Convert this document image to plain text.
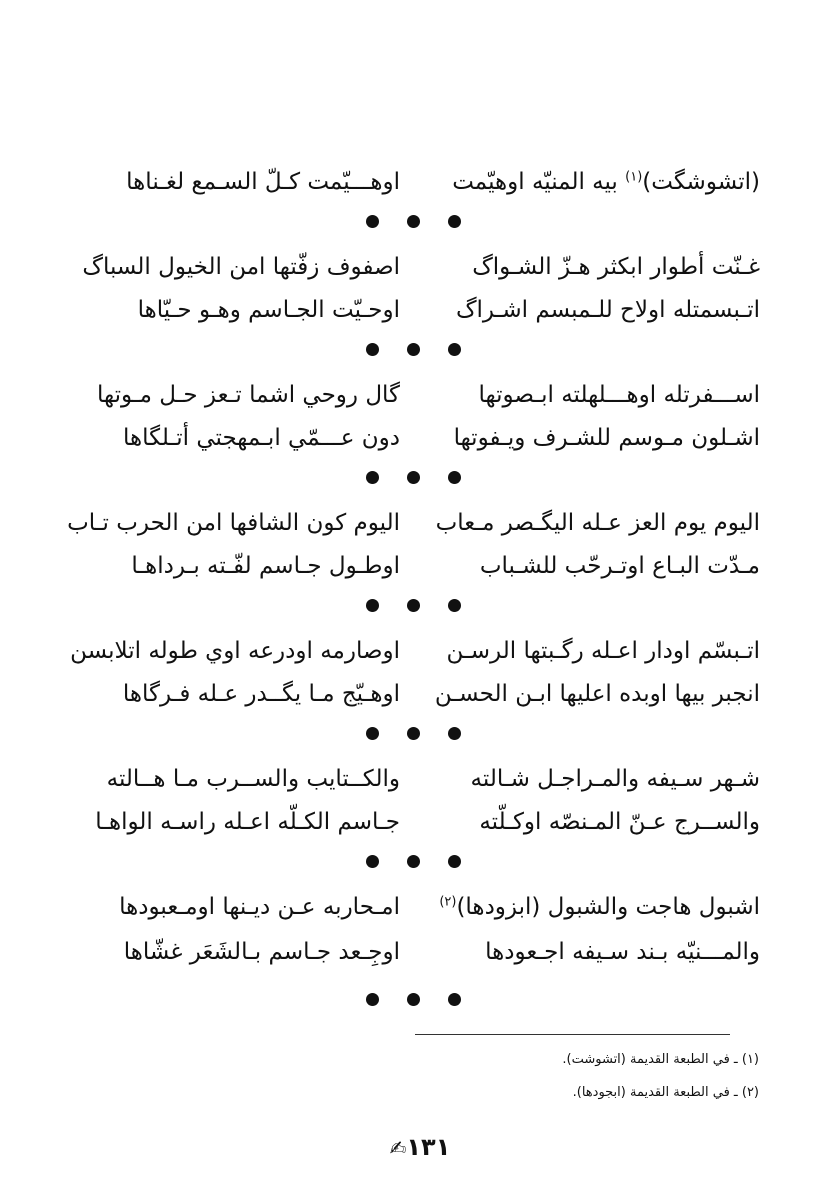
(اتشوشگت)$^{(١)}$ بيه المنيّه اوهيّمت
اوهـــيّمت كـلّ السـمع لغـناها
غـنّت أطوار ابكثر هـزّ الشـواگ
اصفوف زفّتها امن الخيول السباگ
اتـبسمتله اولاح للـمبسم اشـراگ
اوحـيّت الجـاسم وهـو حـيّاها
اســـفرتله اوهـــلهلته ابـصوتها
گال روحي اشما تـعز حـل مـوتها
اشـلون مـوسم للشـرف ويـفوتها
دون عـــمّي ابـمهجتي أتـلگاها
اليوم يوم العز عـله اليگـصر مـعاب
اليوم كون الشافها امن الحرب تـاب
مـدّت البـاع اوتـرحّب للشـباب
اوطـول جـاسم لفّـته بـرداهـا
اتـبسّم اودار اعـله رگـبتها الرسـن
اوصارمه اودرعه اوي طوله اتلابسن
انجبر بيها اوبده اعليها ابـن الحسـن
اوهـيّج مـا يگــدر عـله فـرگاها
شـهر سـيفه والمـراجـل شـالته
والكــتايب والســرب مـا هــالته
والســرج عـنّ المـنصّه اوكـلّته
جـاسم الكـلّه اعـله راسـه الواهـا
اشبول هاجت والشبول (ابزودها)$^{(٢)}$
امـحاربه عـن ديـنها اومـعبودها
والمـــنيّه بـند سـيفه اجـعودها
اوجِـعد جـاسم بـالشَعَر غشّاها
(١) ـ في الطبعة القديمة (اتشوشت).
(٢) ـ في الطبعة القديمة (ابجودها).
١٣١✍
